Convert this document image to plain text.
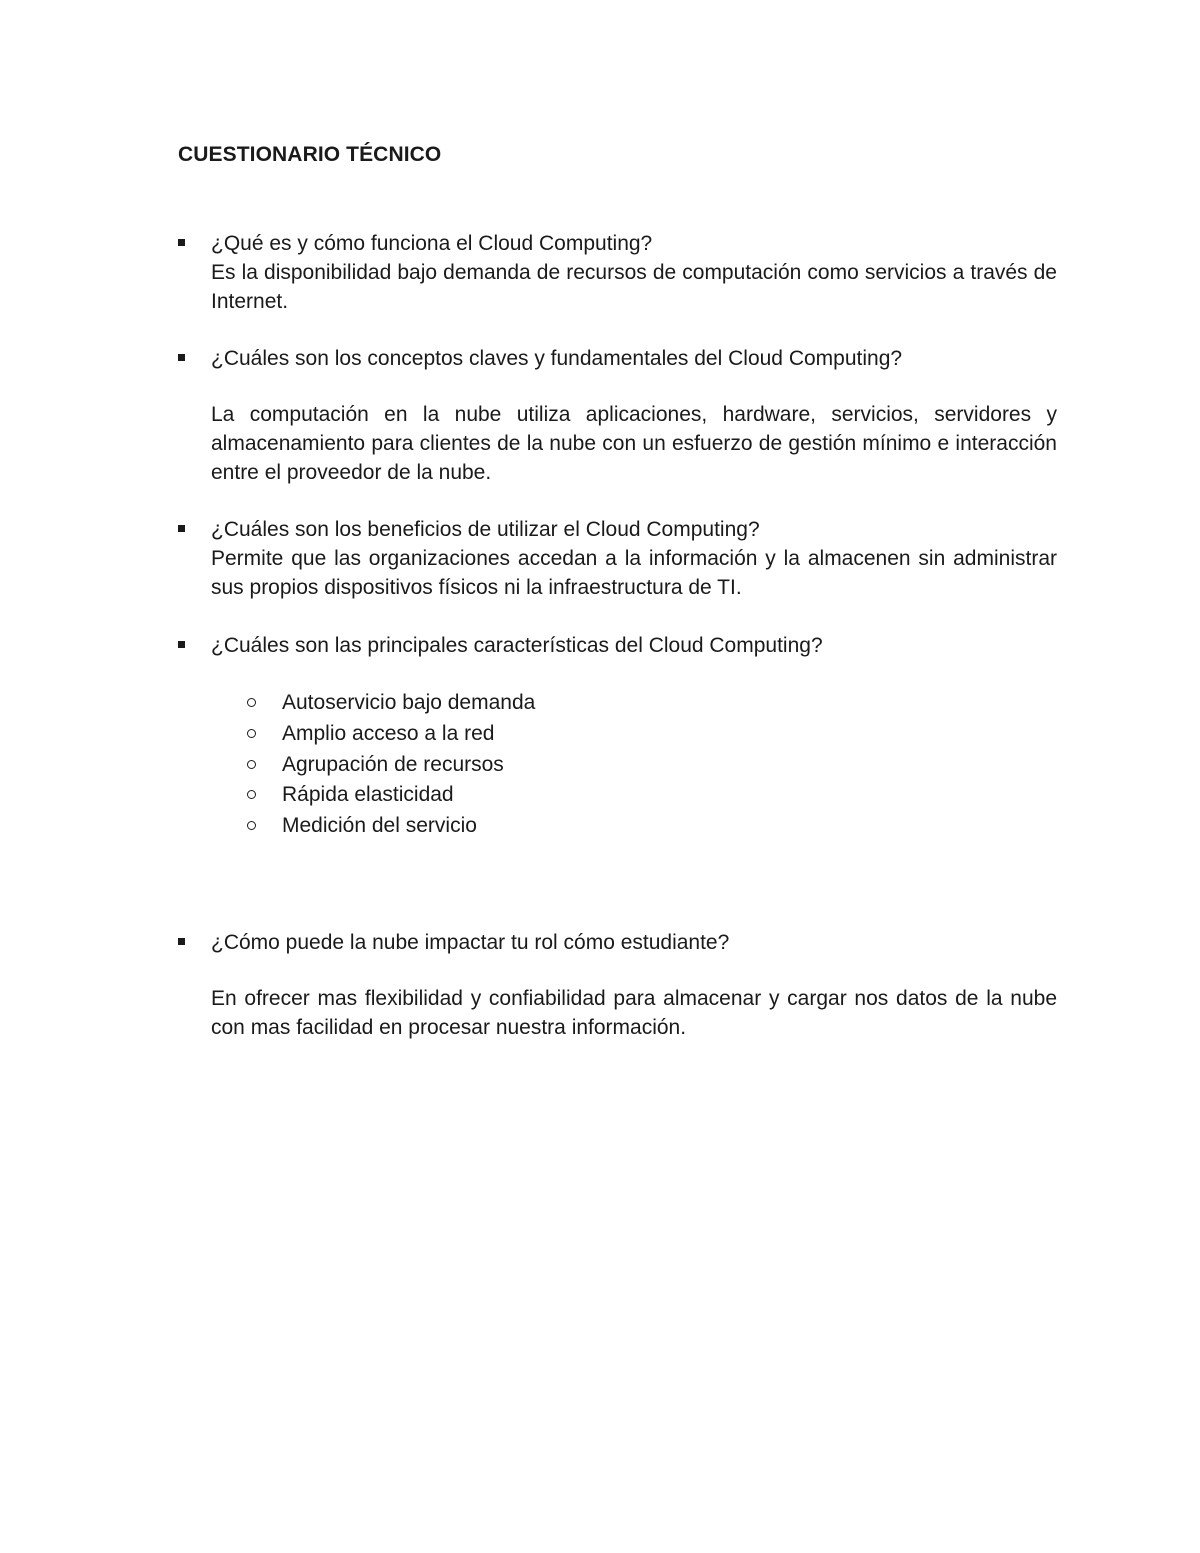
CUESTIONARIO TÉCNICO
¿Qué es y cómo funciona el Cloud Computing?
Es la disponibilidad bajo demanda de recursos de computación como servicios a través de Internet.
¿Cuáles son los conceptos claves y fundamentales del Cloud Computing?
La computación en la nube utiliza aplicaciones, hardware, servicios, servidores y almacenamiento para clientes de la nube con un esfuerzo de gestión mínimo e interacción entre el proveedor de la nube.
¿Cuáles son los beneficios de utilizar el Cloud Computing?
Permite que las organizaciones accedan a la información y la almacenen sin administrar sus propios dispositivos físicos ni la infraestructura de TI.
¿Cuáles son las principales características del Cloud Computing?
Autoservicio bajo demanda
Amplio acceso a la red
Agrupación de recursos
Rápida elasticidad
Medición del servicio
¿Cómo puede la nube impactar tu rol cómo estudiante?
En ofrecer mas flexibilidad y confiabilidad para almacenar y cargar nos datos de la nube con mas facilidad en procesar nuestra información.
